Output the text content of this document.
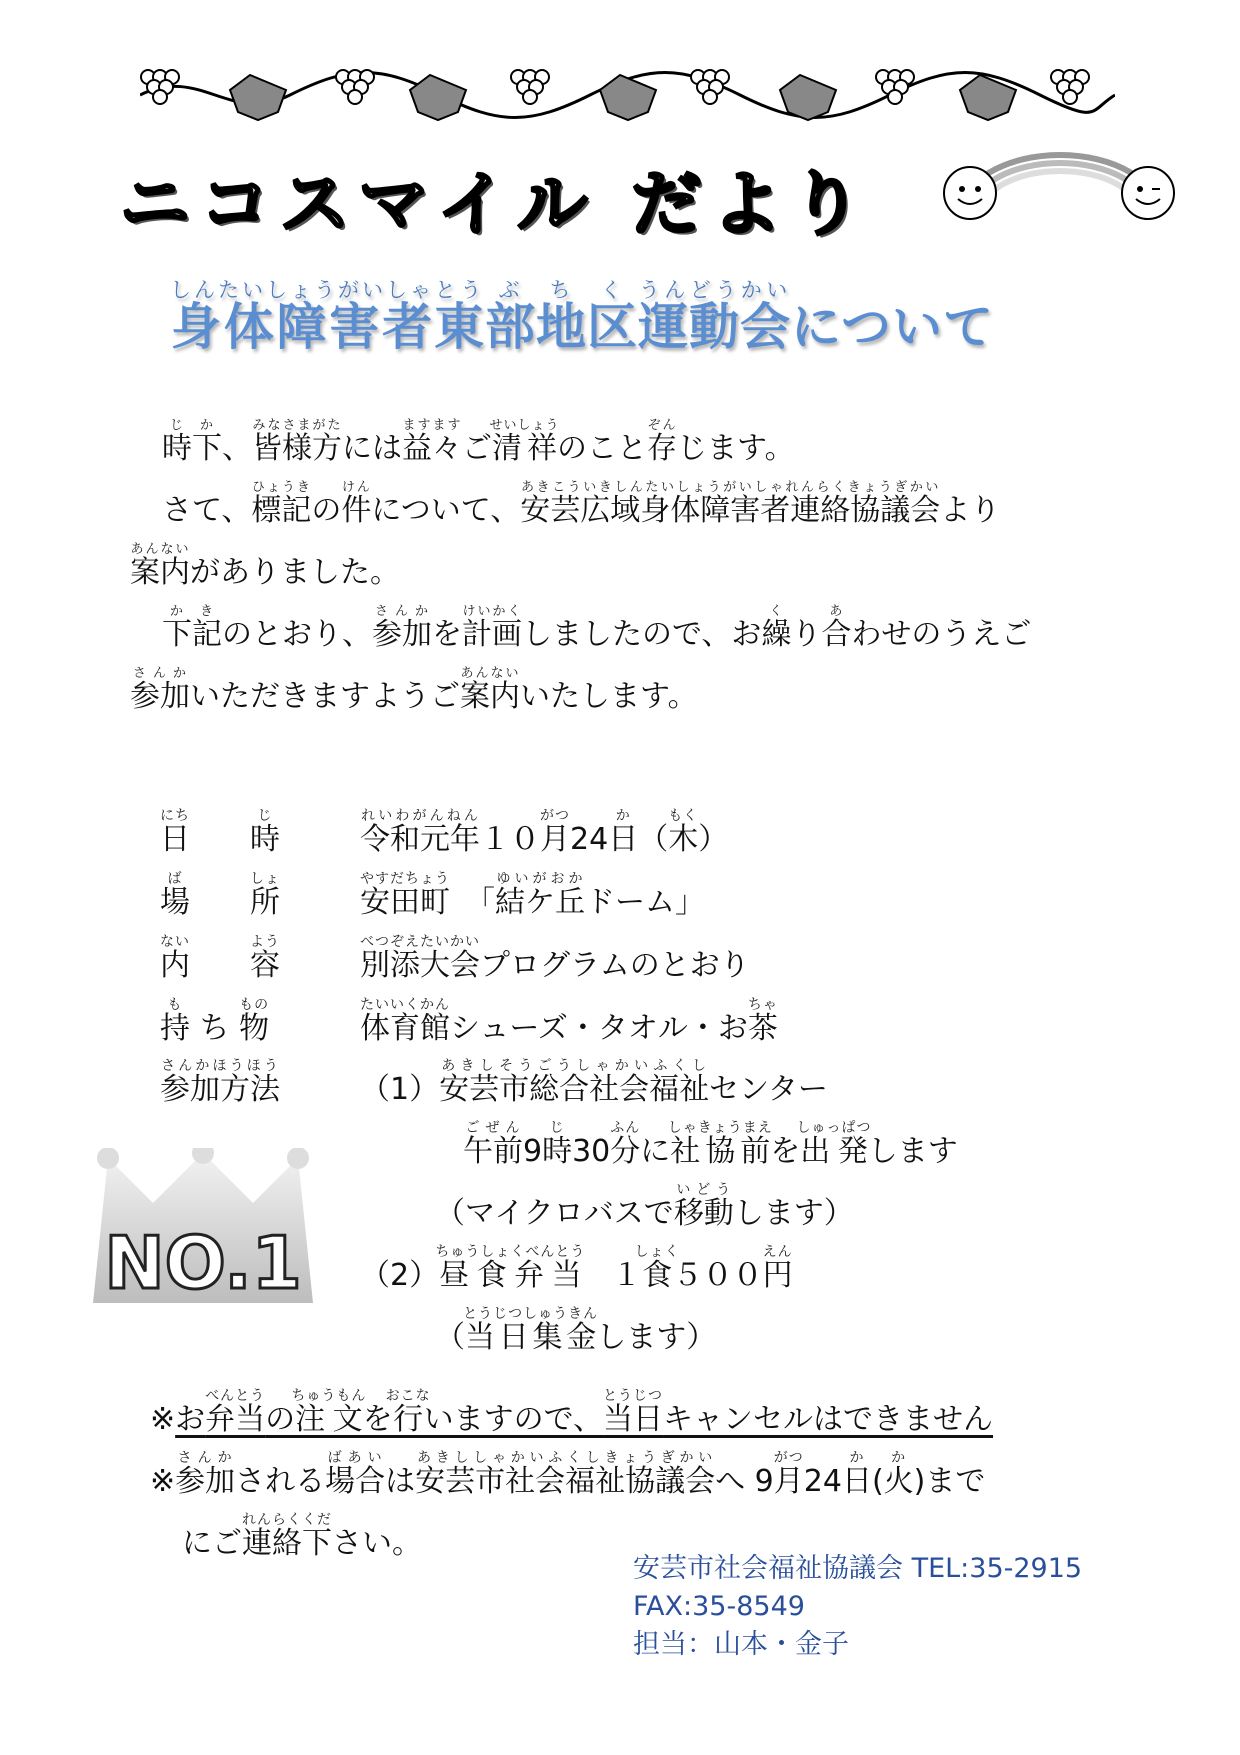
ニコスマイル だより
身体障害者しんたいしょうがいしゃ東とう部ぶ地ち区く運動会うんどうかいについて
時下じか、皆様方みなさまがたには益々ますますご清祥せいしょうのこと存ぞんじます。
さて、標記ひょうきの件けんについて、安芸広域身体障害者連絡協議会あきこういきしんたいしょうがいしゃれんらくきょうぎかいより
案内あんないがありました。
下記かきのとおり、参加さんかを計画けいかくしましたので、お繰くり合あわせのうえご
参加さんかいただきますようご案内あんないいたします。
日にち　　時じ令和元年れいわがんねん１０月がつ24日か（木もく）
場ば　　所しょ安田町やすだちょう　「結ケ丘ゆいがおかドーム」
内ない　　容よう別添大会べつぞえたいかいプログラムのとおり
持も ち 物もの体育館たいいくかんシューズ・タオル・お茶ちゃ
参加方法さんかほうほう
（1）安芸市総合社会福祉あきしそうごうしゃかいふくしセンター
午前ごぜん9時じ30分ふんに社協前しゃきょうまえを出発しゅっぱつします
（マイクロバスで移動いどうします）
（2）昼食弁当ちゅうしょくべんとう　１食しょく５００円えん
（当日集金とうじつしゅうきんします）
NO.1
※お弁当べんとうの注文ちゅうもんを行おこないますので、当日とうじつキャンセルはできません
※参加さんかされる場合ばあいは安芸市社会福祉協議会あきししゃかいふくしきょうぎかいへ 9月がつ24日か(火)かまで
にご連絡下れんらくください。
安芸市社会福祉協議会 TEL:35-2915
FAX:35-8549
担当：山本・金子
